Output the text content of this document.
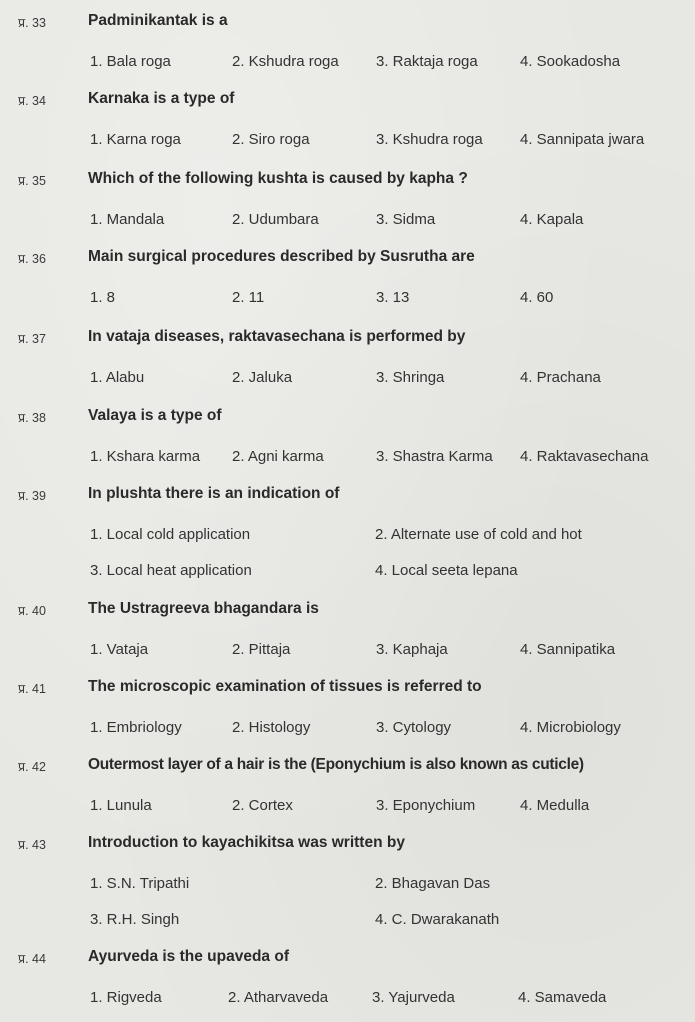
प्र. 33	Padminikantak is a
1. Bala roga	2. Kshudra roga 3. Raktaja roga	4. Sookadosha
प्र. 34	Karnaka is a type of
1. Karna roga	2. Siro roga	3. Kshudra roga 4. Sannipata jwara
प्र. 35	Which of the following kushta is caused by kapha ?
1. Mandala	2. Udumbara	3. Sidma	4. Kapala
प्र. 36	Main surgical procedures described by Susrutha are
1. 8	2. 11	3. 13	4. 60
प्र. 37	In vataja diseases, raktavasechana is performed by
1. Alabu	2. Jaluka	3. Shringa	4. Prachana
प्र. 38	Valaya is a type of
1. Kshara karma 2. Agni karma	3. Shastra Karma 4. Raktavasechana
प्र. 39	In plushta there is an indication of
1. Local cold application	2. Alternate use of cold and hot
3. Local heat application	4. Local seeta lepana
प्र. 40	The Ustragreeva bhagandara is
1. Vataja	2. Pittaja	3. Kaphaja	4. Sannipatika
प्र. 41	The microscopic examination of tissues is referred to
1. Embriology	2. Histology	3. Cytology	4. Microbiology
प्र. 42	Outermost layer of a hair is the (Eponychium is also known as cuticle)
1. Lunula	2. Cortex	3. Eponychium	4. Medulla
प्र. 43	Introduction to kayachikitsa was written by
1. S.N. Tripathi	2. Bhagavan Das
3. R.H. Singh	4. C. Dwarakanath
प्र. 44	Ayurveda is the upaveda of
1. Rigveda	2. Atharvaveda	3. Yajurveda	4. Samaveda
